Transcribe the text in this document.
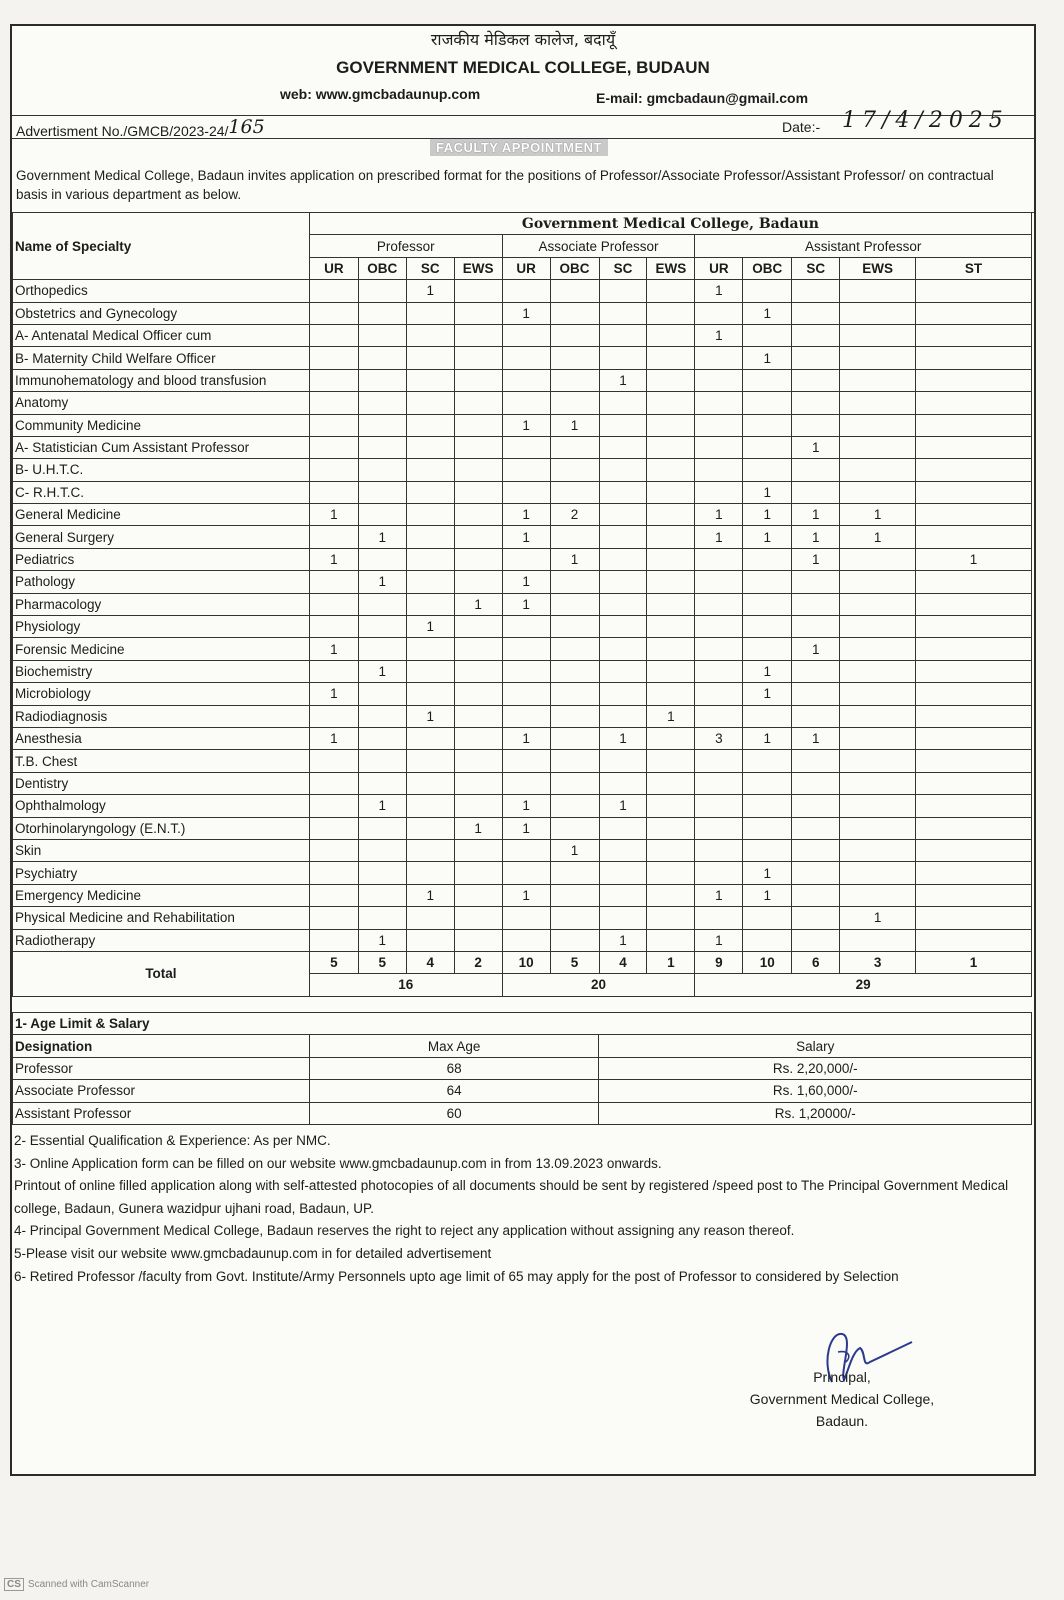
राजकीय मेडिकल कालेज, बदायूँ
GOVERNMENT MEDICAL COLLEGE, BUDAUN
web: www.gmcbadaunup.com	E-mail: gmcbadaun@gmail.com
Advertisment No./GMCB/2023-24/165	Date:- 17/4/2025
FACULTY APPOINTMENT
Government Medical College, Badaun invites application on prescribed format for the positions of Professor/Associate Professor/Assistant Professor/ on contractual basis in various department as below.
Name of Specialty	Government Medical College, Badaun												
	Professor				Associate Professor				Assistant Professor				
	UR	OBC	SC	EWS	UR	OBC	SC	EWS	UR	OBC	SC	EWS	ST
Orthopedics			1						1				
Obstetrics and Gynecology					1					1			
A- Antenatal Medical Officer cum									1				
B- Maternity Child Welfare Officer										1			
Immunohematology and blood transfusion							1						
Anatomy													
Community Medicine					1	1							
A- Statistician Cum Assistant Professor											1		
B- U.H.T.C.													
C- R.H.T.C.										1			
General Medicine	1				1	2			1	1	1	1	
General Surgery		1			1				1	1	1	1	
Pediatrics	1					1					1		1
Pathology		1			1								
Pharmacology				1	1								
Physiology			1										
Forensic Medicine	1										1		
Biochemistry		1								1			
Microbiology	1									1			
Radiodiagnosis			1					1					
Anesthesia	1				1		1		3	1	1		
T.B. Chest													
Dentistry													
Ophthalmology		1			1		1						
Otorhinolaryngology (E.N.T.)				1	1								
Skin						1							
Psychiatry										1			
Emergency Medicine			1		1				1	1			
Physical Medicine and Rehabilitation												1	
Radiotherapy		1					1		1				
Total	5	5	4	2	10	5	4	1	9	10	6	3	1
	16				20				29				
1- Age Limit & Salary		
Designation	Max Age	Salary
Professor	68	Rs. 2,20,000/-
Associate Professor	64	Rs. 1,60,000/-
Assistant Professor	60	Rs. 1,20000/-
2- Essential Qualification & Experience: As per NMC.
3- Online Application form can be filled on our website www.gmcbadaunup.com in from 13.09.2023 onwards.
Printout of online filled application along with self-attested photocopies of all documents should be sent by registered /speed post to The Principal Government Medical college, Badaun, Gunera wazidpur ujhani road, Badaun, UP.
4- Principal Government Medical College, Badaun reserves the right to reject any application without assigning any reason thereof.
5-Please visit our website www.gmcbadaunup.com in for detailed advertisement
6- Retired Professor /faculty from Govt. Institute/Army Personnels upto age limit of 65 may apply for the post of Professor to considered by Selection
Principal,
Government Medical College,
Badaun.
CS Scanned with CamScanner
